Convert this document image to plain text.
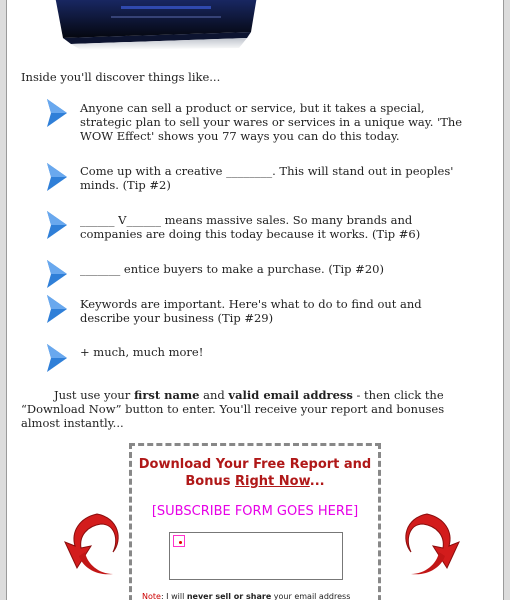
Inside you'll discover things like...
Anyone can sell a product or service, but it takes a special, strategic plan to sell your wares or services in a unique way. 'The WOW Effect' shows you 77 ways you can do this today.
Come up with a creative ________. This will stand out in peoples' minds. (Tip #2)
______ V______ means massive sales. So many brands and companies are doing this today because it works. (Tip #6)
_______ entice buyers to make a purchase. (Tip #20)
Keywords are important. Here's what to do to find out and describe your business (Tip #29)
+ much, much more!
Just use your first name and valid email address - then click the “Download Now” button to enter. You'll receive your report and bonuses almost instantly...
Download Your Free Report and
Bonus Right Now...
[SUBSCRIBE FORM GOES HERE]
Note: I will never sell or share your email address
